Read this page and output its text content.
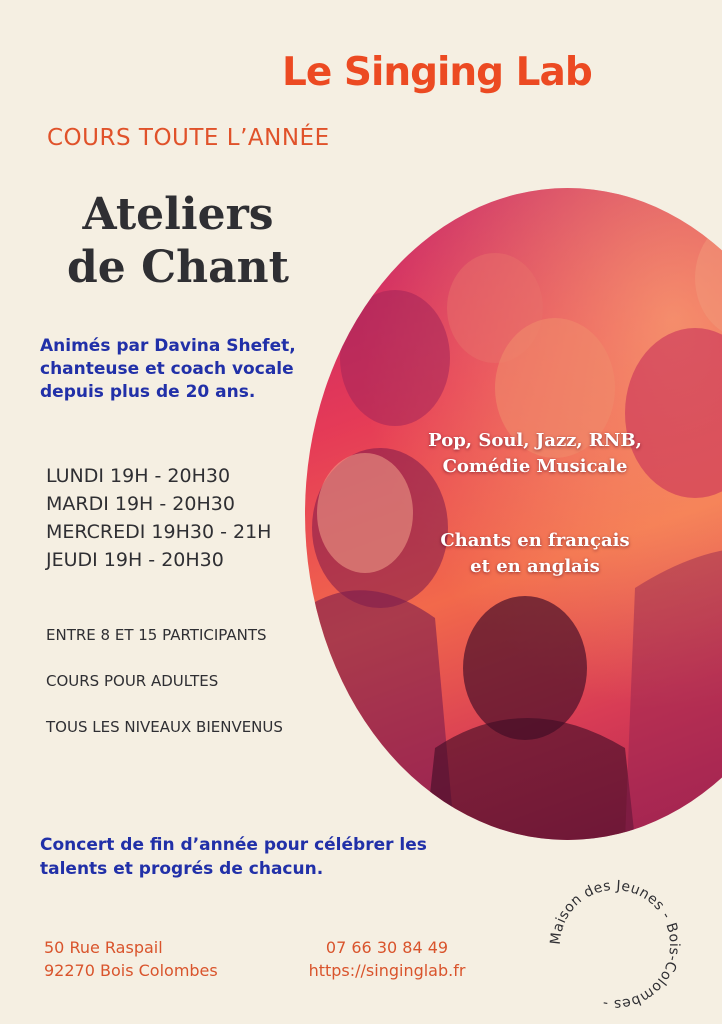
Le Singing Lab
COURS TOUTE L’ANNÉE
Ateliers
de Chant
Animés par Davina Shefet,
chanteuse et coach vocale
depuis plus de 20 ans.
LUNDI 19H - 20H30
MARDI 19H - 20H30
MERCREDI 19H30 - 21H
JEUDI 19H - 20H30
ENTRE 8 ET 15 PARTICIPANTS
COURS POUR ADULTES
TOUS LES NIVEAUX BIENVENUS
Pop, Soul, Jazz, RNB,
Comédie Musicale
Chants en français
et en anglais
Concert de fin d’année pour célébrer les
talents et progrés de chacun.
50 Rue Raspail
92270 Bois Colombes
07 66 30 84 49
https://singinglab.fr
Maison des Jeunes - Bois-Colombes -
